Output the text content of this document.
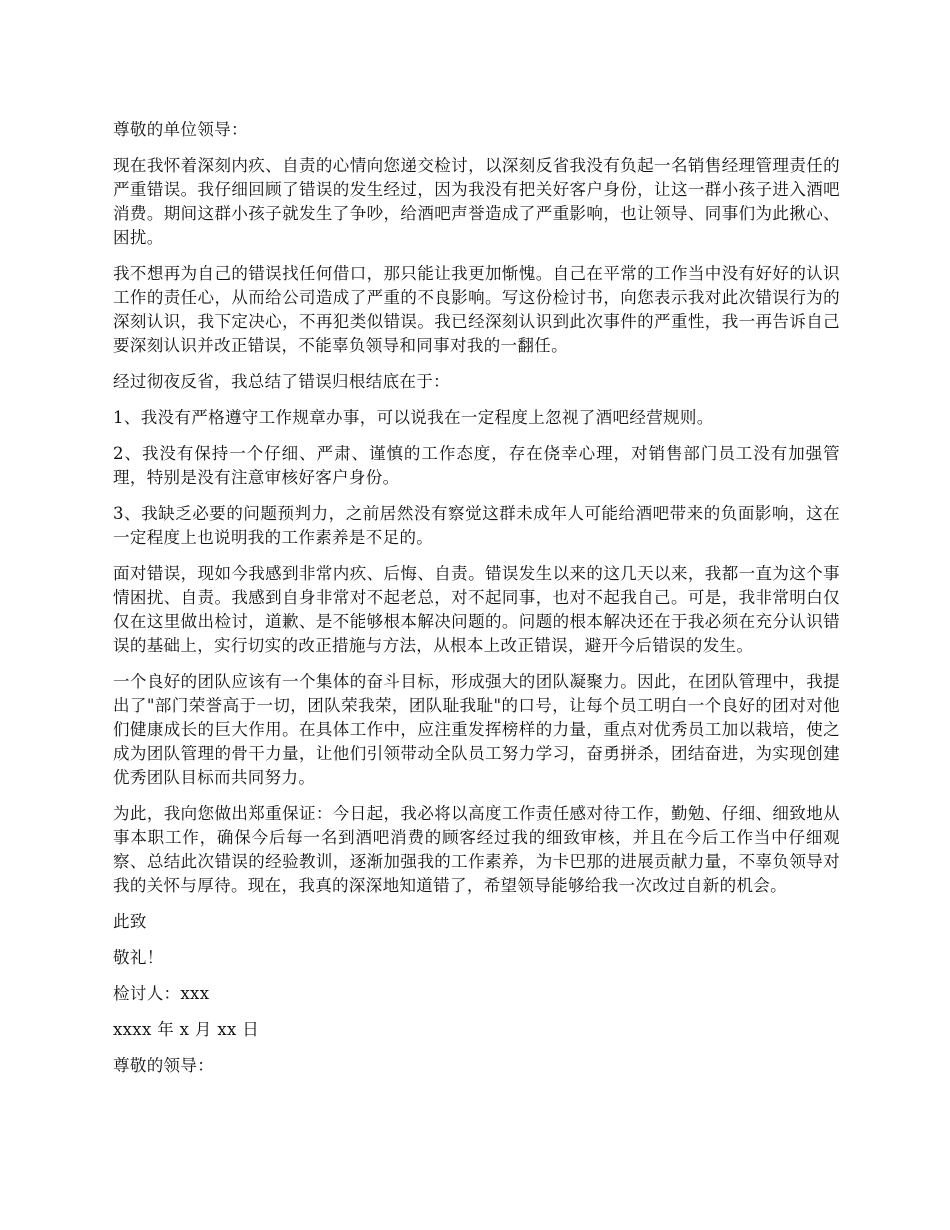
尊敬的单位领导：

现在我怀着深刻内疚、自责的心情向您递交检讨，以深刻反省我没有负起一名销售经理管理责任的严重错误。我仔细回顾了错误的发生经过，因为我没有把关好客户身份，让这一群小孩子进入酒吧消费。期间这群小孩子就发生了争吵，给酒吧声誉造成了严重影响，也让领导、同事们为此揪心、困扰。

我不想再为自己的错误找任何借口，那只能让我更加惭愧。自己在平常的工作当中没有好好的认识工作的责任心，从而给公司造成了严重的不良影响。写这份检讨书，向您表示我对此次错误行为的深刻认识，我下定决心，不再犯类似错误。我已经深刻认识到此次事件的严重性，我一再告诉自己要深刻认识并改正错误，不能辜负领导和同事对我的一翻任。

经过彻夜反省，我总结了错误归根结底在于：

1、我没有严格遵守工作规章办事，可以说我在一定程度上忽视了酒吧经营规则。

2、我没有保持一个仔细、严肃、谨慎的工作态度，存在侥幸心理，对销售部门员工没有加强管理，特别是没有注意审核好客户身份。

3、我缺乏必要的问题预判力，之前居然没有察觉这群未成年人可能给酒吧带来的负面影响，这在一定程度上也说明我的工作素养是不足的。

面对错误，现如今我感到非常内疚、后悔、自责。错误发生以来的这几天以来，我都一直为这个事情困扰、自责。我感到自身非常对不起老总，对不起同事，也对不起我自己。可是，我非常明白仅仅在这里做出检讨，道歉、是不能够根本解决问题的。问题的根本解决还在于我必须在充分认识错误的基础上，实行切实的改正措施与方法，从根本上改正错误，避开今后错误的发生。

一个良好的团队应该有一个集体的奋斗目标，形成强大的团队凝聚力。因此，在团队管理中，我提出了"部门荣誉高于一切，团队荣我荣，团队耻我耻"的口号，让每个员工明白一个良好的团对对他们健康成长的巨大作用。在具体工作中，应注重发挥榜样的力量，重点对优秀员工加以栽培，使之成为团队管理的骨干力量，让他们引领带动全队员工努力学习，奋勇拼杀，团结奋进，为实现创建优秀团队目标而共同努力。

为此，我向您做出郑重保证：今日起，我必将以高度工作责任感对待工作，勤勉、仔细、细致地从事本职工作，确保今后每一名到酒吧消费的顾客经过我的细致审核，并且在今后工作当中仔细观察、总结此次错误的经验教训，逐渐加强我的工作素养，为卡巴那的进展贡献力量，不辜负领导对我的关怀与厚待。现在，我真的深深地知道错了，希望领导能够给我一次改过自新的机会。

此致

敬礼！

检讨人：xxx

xxxx 年 x 月 xx 日

尊敬的领导：
